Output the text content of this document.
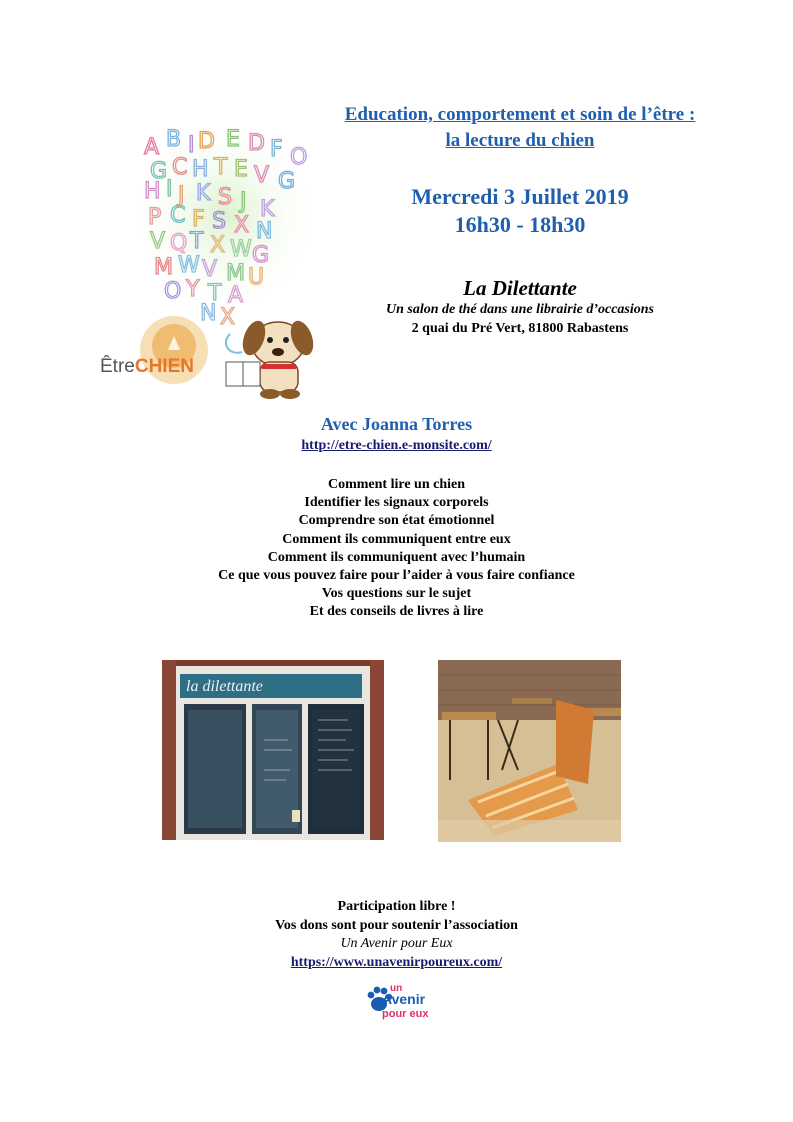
A B I D E D F O
G C H T E V G
H I J K S J K
P C F S X N
V Q T X W G
M W V M U
O Y T A
N X
ÊtreCHIEN
Education, comportement et soin de l’être :
la lecture du chien
Mercredi 3 Juillet 2019
16h30 - 18h30
La Dilettante
Un salon de thé dans une librairie d’occasions
2 quai du Pré Vert, 81800 Rabastens
Avec Joanna Torres
http://etre-chien.e-monsite.com/
Comment lire un chien
Identifier les signaux corporels
Comprendre son état émotionnel
Comment ils communiquent entre eux
Comment ils communiquent avec l’humain
Ce que vous pouvez faire pour l’aider à vous faire confiance
Vos questions sur le sujet
Et des conseils de livres à lire
la dilettante
Participation libre !
Vos dons sont pour soutenir l’association
Un Avenir pour Eux
https://www.unavenirpoureux.com/
un
Avenir
pour eux
